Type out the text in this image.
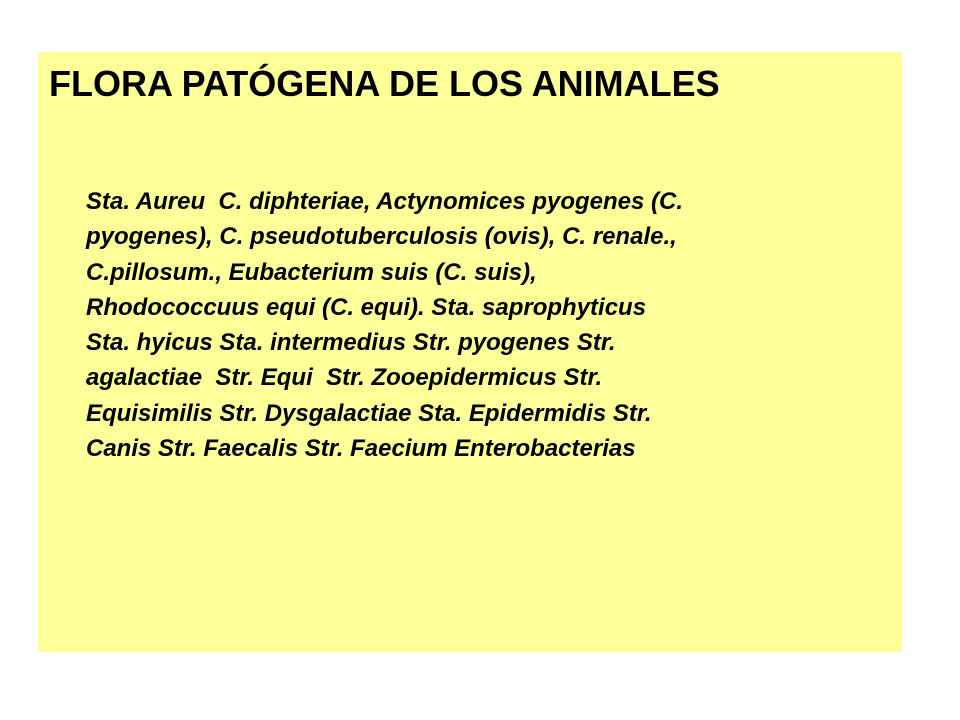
FLORA PATÓGENA DE LOS ANIMALES
Sta. Aureu  C. diphteriae, Actynomices pyogenes (C.
pyogenes), C. pseudotuberculosis (ovis), C. renale.,
C.pillosum., Eubacterium suis (C. suis),
Rhodococcuus equi (C. equi). Sta. saprophyticus
Sta. hyicus Sta. intermedius Str. pyogenes Str.
agalactiae  Str. Equi  Str. Zooepidermicus Str.
Equisimilis Str. Dysgalactiae Sta. Epidermidis Str.
Canis Str. Faecalis Str. Faecium Enterobacterias
